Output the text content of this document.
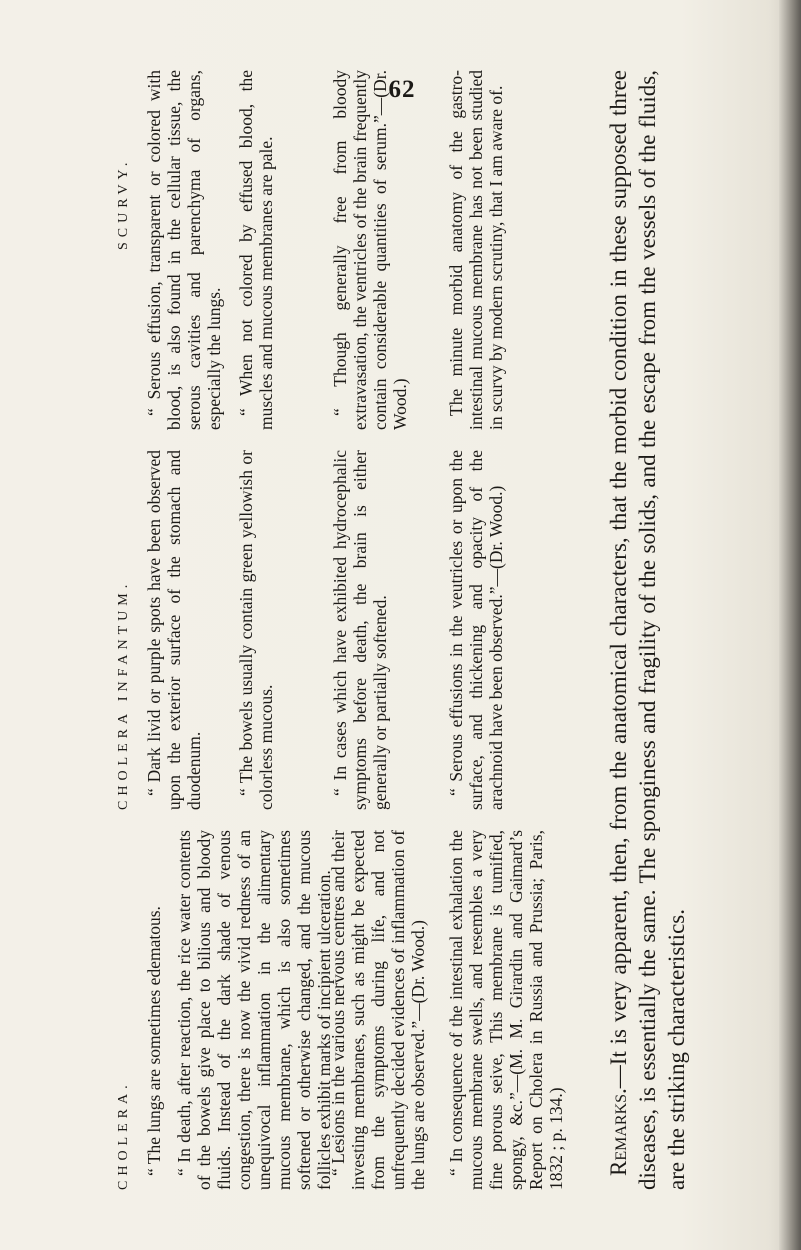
62
CHOLERA.
CHOLERA INFANTUM.
SCURVY.

“ The lungs are sometimes edematous. “ In death, after reaction, the rice water contents of the bowels give place to bilious and bloody fluids. Instead of the dark shade of venous congestion, there is now the vivid redness of an unequivocal inflammation in the alimentary mucous membrane, which is also sometimes softened or otherwise changed, and the mucous follicles exhibit marks of incipient ulceration.

“ Lesions in the various nervous centres and their investing membranes, such as might be expected from the symptoms during life, and not unfrequently decided evidences of inflammation of the lungs are observed.”—(Dr. Wood.) “ In consequence of the intestinal exhalation the mucous membrane swells, and resembles a very fine porous seive, This membrane is tumified, spongy, &c.”—(M. M. Girardin and Gaimard’s Report on Cholera in Russia and Prussia; Paris, 1832 ; p. 134.)

“ Dark livid or purple spots have been observed upon the exterior surface of the stomach and duodenum. “ The bowels usually contain green yellowish or colorless mucous.	“ In cases which have exhibited hydrocephalic symptoms before death, the brain is either generally or partially softened.	“ Serous effusions in the veutricles or upon the surface, and thickening and opacity of the arachnoid have been observed.”—(Dr. Wood.)

“ Serous effusion, transparent or colored with blood, is also found in the cellular tissue, the serous cavities and parenchyma of organs, especially the lungs. “ When not colored by effused blood, the muscles and mucous membranes are pale.	“ Though generally free from bloody extravasation, the ventricles of the brain frequently contain considerable quantities of serum.”—(Dr. Wood.) The minute morbid anatomy of the gastro-intestinal mucous membrane has not been studied in scurvy by modern scrutiny, that I am aware of.

Remarks.—It is very apparent, then, from the anatomical characters, that the morbid condition in these supposed three diseases, is essentially the same. The sponginess and fragility of the solids, and the escape from the vessels of the fluids, are the striking characteristics.
